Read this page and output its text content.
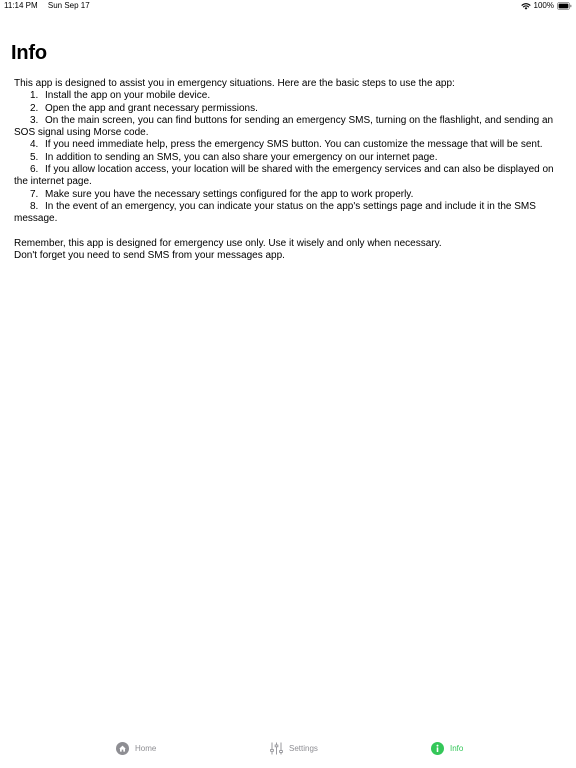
11:14 PM Sun Sep 17	100%
Info

This app is designed to assist you in emergency situations. Here are the basic steps to use the app:

1. Install the app on your mobile device.
2. Open the app and grant necessary permissions.
3. On the main screen, you can find buttons for sending an emergency SMS, turning on the flashlight, and sending an SOS signal using Morse code.
4. If you need immediate help, press the emergency SMS button. You can customize the message that will be sent.
5. In addition to sending an SMS, you can also share your emergency on our internet page.
6. If you allow location access, your location will be shared with the emergency services and can also be displayed on the internet page.
7. Make sure you have the necessary settings configured for the app to work properly.
8. In the event of an emergency, you can indicate your status on the app's settings page and include it in the SMS message.

Remember, this app is designed for emergency use only. Use it wisely and only when necessary.

Don't forget you need to send SMS from your messages app.

Home	Settings	Info
